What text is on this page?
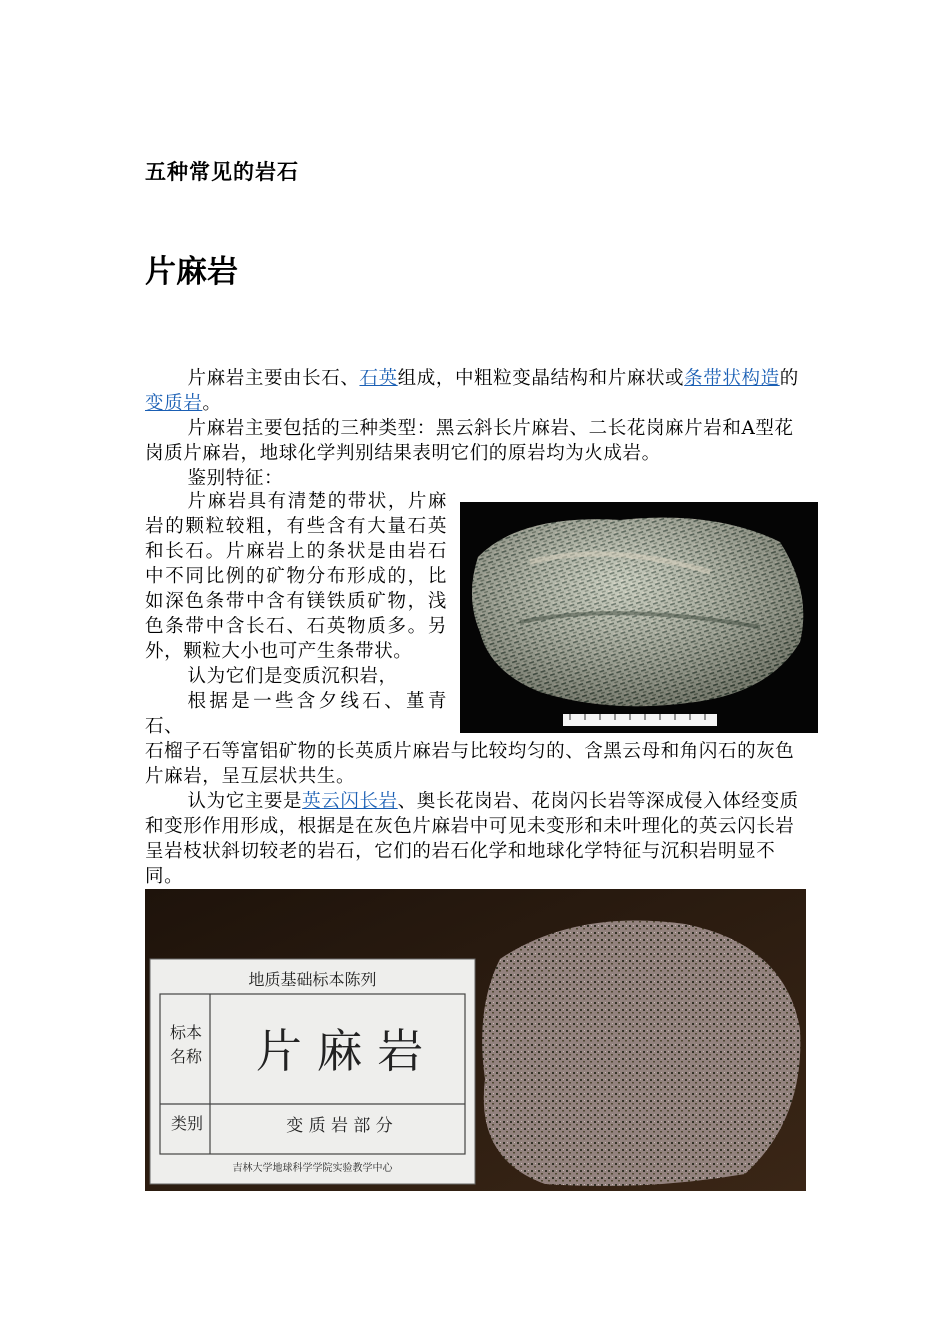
五种常见的岩石
片麻岩

片麻岩主要由长石、石英组成，中粗粒变晶结构和片麻状或条带状构造的变质岩。

片麻岩主要包括的三种类型：黑云斜长片麻岩、二长花岗麻片岩和A型花岗质片麻岩，地球化学判别结果表明它们的原岩均为火成岩。

鉴别特征：

片麻岩具有清楚的带状，片麻岩的颗粒较粗，有些含有大量石英和长石。片麻岩上的条状是由岩石中不同比例的矿物分布形成的，比如深色条带中含有镁铁质矿物，浅色条带中含长石、石英物质多。另外，颗粒大小也可产生条带状。

认为它们是变质沉积岩，

根据是一些含夕线石、堇青石、

石榴子石等富铝矿物的长英质片麻岩与比较均匀的、含黑云母和角闪石的灰色片麻岩，呈互层状共生。

认为它主要是英云闪长岩、奥长花岗岩、花岗闪长岩等深成侵入体经变质和变形作用形成，根据是在灰色片麻岩中可见未变形和未叶理化的英云闪长岩呈岩枝状斜切较老的岩石，它们的岩石化学和地球化学特征与沉积岩明显不同。

地质基础标本陈列
标本
名称	片 麻 岩
类别	变 质 岩 部 分
吉林大学地球科学学院实验教学中心
